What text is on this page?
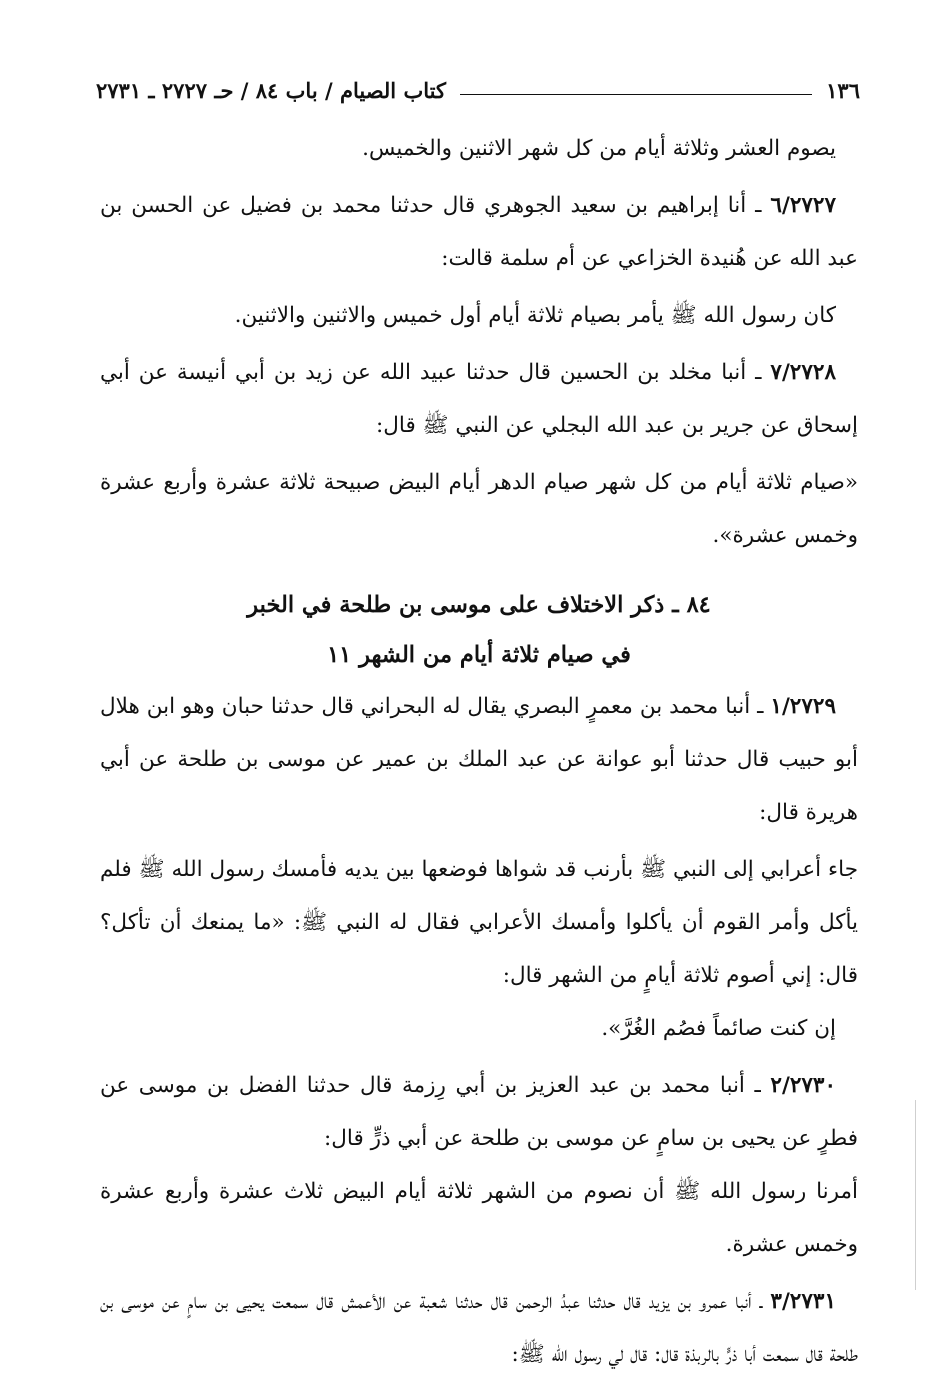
١٣٦
كتاب الصيام / باب ٨٤ / حـ ٢٧٢٧ ـ ٢٧٣١

يصوم العشر وثلاثة أيام من كل شهر الاثنين والخميس.

٦/٢٧٢٧ ـ أنا إبراهيم بن سعيد الجوهري قال حدثنا محمد بن فضيل عن الحسن بن عبد الله عن هُنيدة الخزاعي عن أم سلمة قالت:

كان رسول الله ﷺ يأمر بصيام ثلاثة أيام أول خميس والاثنين والاثنين.

٧/٢٧٢٨ ـ أنبا مخلد بن الحسين قال حدثنا عبيد الله عن زيد بن أبي أنيسة عن أبي إسحاق عن جرير بن عبد الله البجلي عن النبي ﷺ قال:

«صيام ثلاثة أيام من كل شهر صيام الدهر أيام البيض صبيحة ثلاثة عشرة وأربع عشرة وخمس عشرة».

٨٤ ـ ذكر الاختلاف على موسى بن طلحة في الخبر

في صيام ثلاثة أيام من الشهر ١١

١/٢٧٢٩ ـ أنبا محمد بن معمرٍ البصري يقال له البحراني قال حدثنا حبان وهو ابن هلال أبو حبيب قال حدثنا أبو عوانة عن عبد الملك بن عمير عن موسى بن طلحة عن أبي هريرة قال:

جاء أعرابي إلى النبي ﷺ بأرنب قد شواها فوضعها بين يديه فأمسك رسول الله ﷺ فلم يأكل وأمر القوم أن يأكلوا وأمسك الأعرابي فقال له النبي ﷺ: «ما يمنعك أن تأكل؟ قال: إني أصوم ثلاثة أيامٍ من الشهر قال:

إن كنت صائماً فصُم الغُرَّ».

٢/٢٧٣٠ ـ أنبا محمد بن عبد العزيز بن أبي رِزمة قال حدثنا الفضل بن موسى عن فطرٍ عن يحيى بن سامٍ عن موسى بن طلحة عن أبي ذرٍّ قال:

أمرنا رسول الله ﷺ أن نصوم من الشهر ثلاثة أيام البيض ثلاث عشرة وأربع عشرة وخمس عشرة.

٣/٢٧٣١ ـ أنبا عمرو بن يزيد قال حدثنا عبدُ الرحمن قال حدثنا شعبة عن الأعمش قال سمعت يحيى بن سامٍ عن موسى بن طلحة قال سمعت أبا ذرٍّ بالربذة قال: قال لي رسول الله ﷺ:
